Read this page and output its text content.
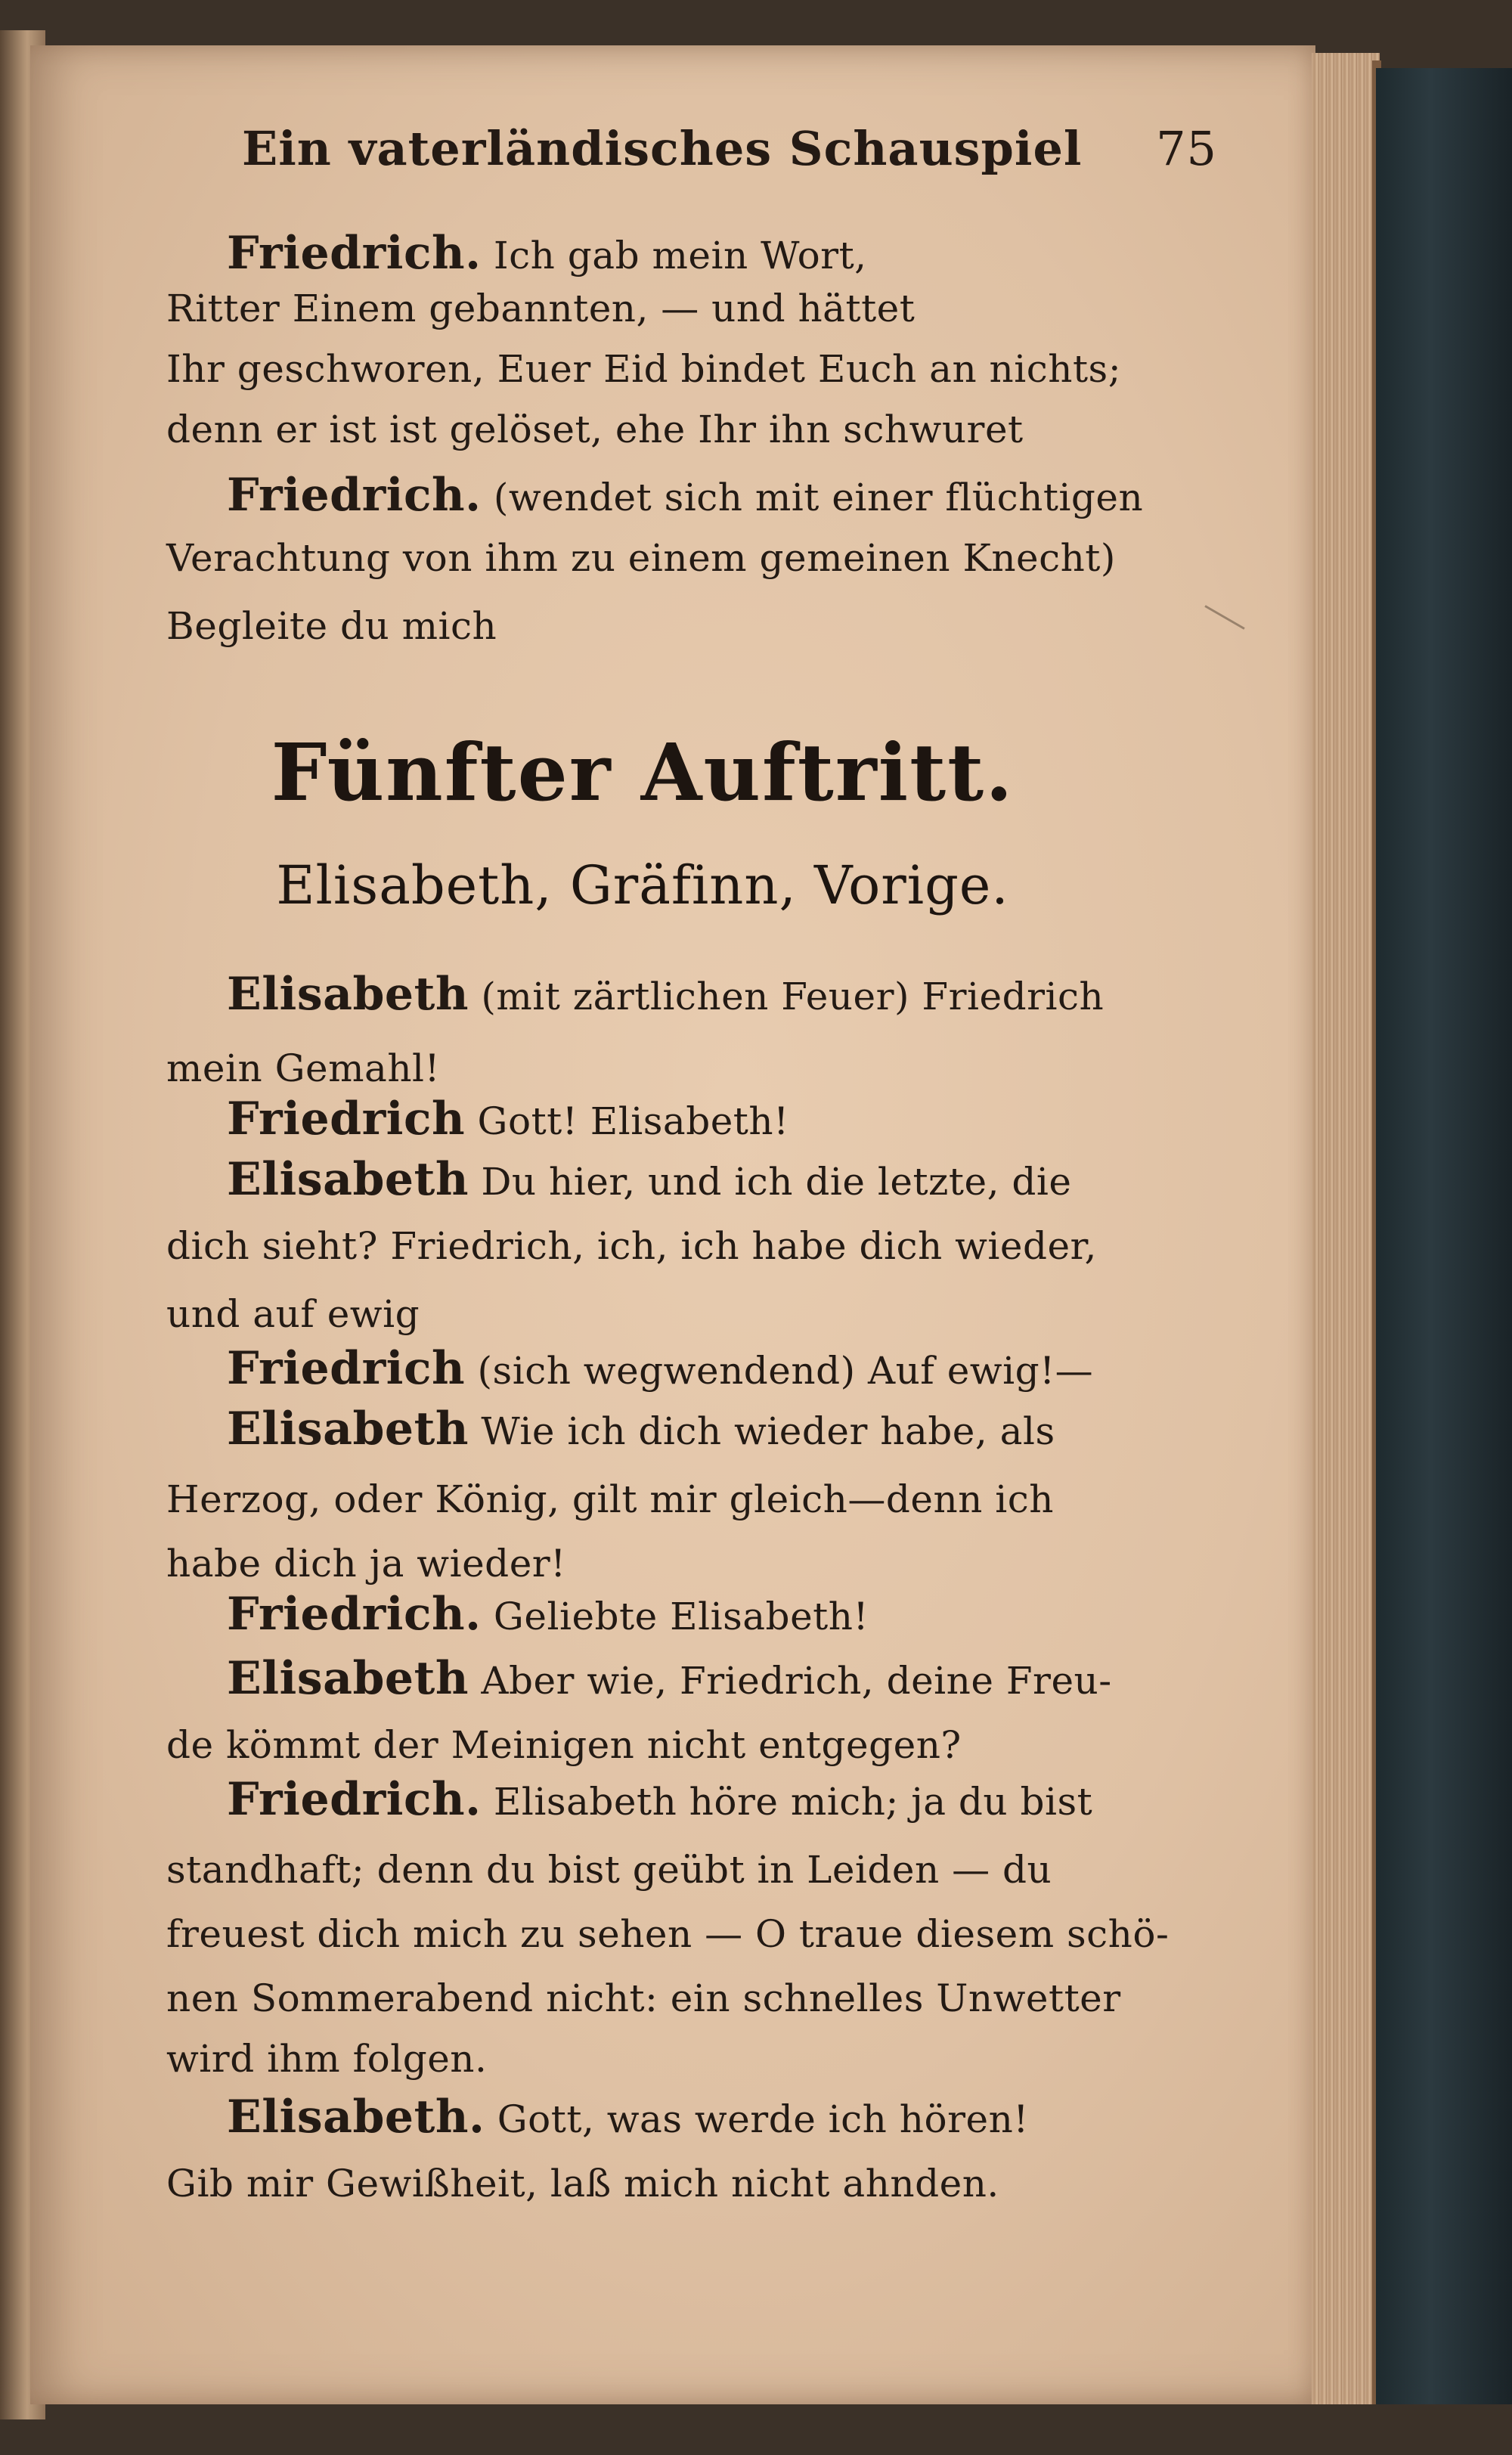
Ein vaterländisches Schauspiel 75
Friedrich. Ich gab mein Wort,
Ritter Einem gebannten, — und hättet
Ihr geschworen, Euer Eid bindet Euch an nichts;
denn er ist ist gelöset, ehe Ihr ihn schwuret
Friedrich. (wendet sich mit einer flüchtigen
Verachtung von ihm zu einem gemeinen Knecht)
Begleite du mich
Fünfter Auftritt.
Elisabeth, Gräfinn, Vorige.
Elisabeth (mit zärtlichen Feuer) Friedrich
mein Gemahl!
Friedrich Gott! Elisabeth!
Elisabeth Du hier, und ich die letzte, die
dich sieht? Friedrich, ich, ich habe dich wieder,
und auf ewig
Friedrich (sich wegwendend) Auf ewig!—
Elisabeth Wie ich dich wieder habe, als
Herzog, oder König, gilt mir gleich—denn ich
habe dich ja wieder!
Friedrich. Geliebte Elisabeth!
Elisabeth Aber wie, Friedrich, deine Freu-
de kömmt der Meinigen nicht entgegen?
Friedrich. Elisabeth höre mich; ja du bist
standhaft; denn du bist geübt in Leiden — du
freuest dich mich zu sehen — O traue diesem schö-
nen Sommerabend nicht: ein schnelles Unwetter
wird ihm folgen.
Elisabeth. Gott, was werde ich hören!
Gib mir Gewißheit, laß mich nicht ahnden.
